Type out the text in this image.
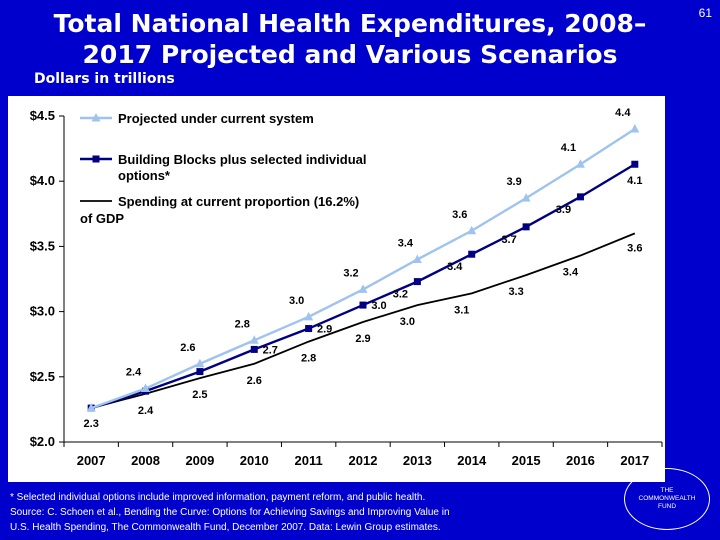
Total National Health Expenditures, 2008–
2017 Projected and Various Scenarios
61
Dollars in trillions
$2.0
$2.5
$3.0
$3.5
$4.0
$4.5
2007 2008 2009 2010 2011 2012 2013 2014 2015 2016 2017
2.3
2.4
2.6
2.8
3.0
3.2
3.4
3.6
3.9
4.1
4.4
2.7
2.9
3.0
3.2
3.4
3.7
3.9
4.1
2.4
2.5
2.6
2.8
2.9
3.0
3.1
3.3
3.4
3.6
Projected under current system
Building Blocks plus selected individual
options*
Spending at current proportion (16.2%)
of GDP
* Selected individual options include improved information, payment reform, and public health.
Source: C. Schoen et al., Bending the Curve: Options for Achieving Savings and Improving Value in
U.S. Health Spending, The Commonwealth Fund, December 2007. Data: Lewin Group estimates.
THE
COMMONWEALTH
FUND
